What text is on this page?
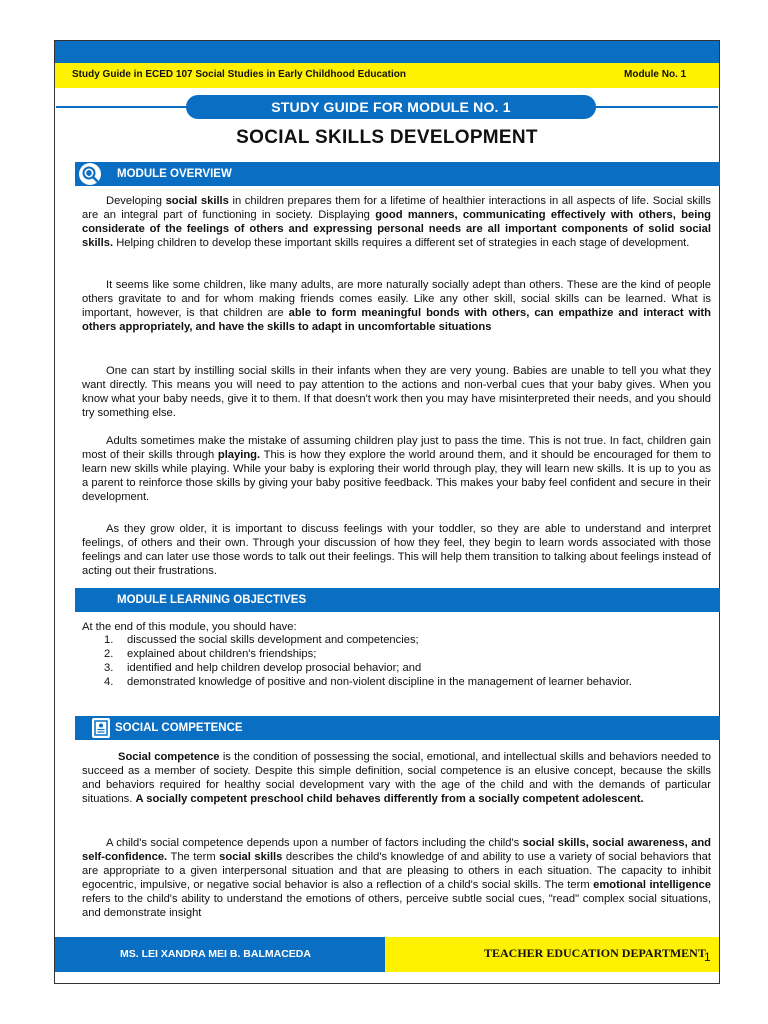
Study Guide in ECED 107 Social Studies in Early Childhood Education	Module No. 1
STUDY GUIDE FOR MODULE NO. 1
SOCIAL SKILLS DEVELOPMENT
MODULE OVERVIEW

Developing social skills in children prepares them for a lifetime of healthier interactions in all aspects of life. Social skills are an integral part of functioning in society. Displaying good manners, communicating effectively with others, being considerate of the feelings of others and expressing personal needs are all important components of solid social skills. Helping children to develop these important skills requires a different set of strategies in each stage of development.

It seems like some children, like many adults, are more naturally socially adept than others. These are the kind of people others gravitate to and for whom making friends comes easily. Like any other skill, social skills can be learned. What is important, however, is that children are able to form meaningful bonds with others, can empathize and interact with others appropriately, and have the skills to adapt in uncomfortable situations

One can start by instilling social skills in their infants when they are very young. Babies are unable to tell you what they want directly. This means you will need to pay attention to the actions and non-verbal cues that your baby gives. When you know what your baby needs, give it to them. If that doesn't work then you may have misinterpreted their needs, and you should try something else.

Adults sometimes make the mistake of assuming children play just to pass the time. This is not true. In fact, children gain most of their skills through playing. This is how they explore the world around them, and it should be encouraged for them to learn new skills while playing. While your baby is exploring their world through play, they will learn new skills. It is up to you as a parent to reinforce those skills by giving your baby positive feedback. This makes your baby feel confident and secure in their development.

As they grow older, it is important to discuss feelings with your toddler, so they are able to understand and interpret feelings, of others and their own. Through your discussion of how they feel, they begin to learn words associated with those feelings and can later use those words to talk out their feelings. This will help them transition to talking about feelings instead of acting out their frustrations.

MODULE LEARNING OBJECTIVES
At the end of this module, you should have:
1. discussed the social skills development and competencies;
2. explained about children's friendships;
3. identified and help children develop prosocial behavior; and
4. demonstrated knowledge of positive and non-violent discipline in the management of learner behavior.
SOCIAL COMPETENCE

Social competence is the condition of possessing the social, emotional, and intellectual skills and behaviors needed to succeed as a member of society. Despite this simple definition, social competence is an elusive concept, because the skills and behaviors required for healthy social development vary with the age of the child and with the demands of particular situations. A socially competent preschool child behaves differently from a socially competent adolescent.

A child's social competence depends upon a number of factors including the child's social skills, social awareness, and self-confidence. The term social skills describes the child's knowledge of and ability to use a variety of social behaviors that are appropriate to a given interpersonal situation and that are pleasing to others in each situation. The capacity to inhibit egocentric, impulsive, or negative social behavior is also a reflection of a child's social skills. The term emotional intelligence refers to the child's ability to understand the emotions of others, perceive subtle social cues, "read" complex social situations, and demonstrate insight

MS. LEI XANDRA MEI B. BALMACEDA	TEACHER EDUCATION DEPARTMENT
1
